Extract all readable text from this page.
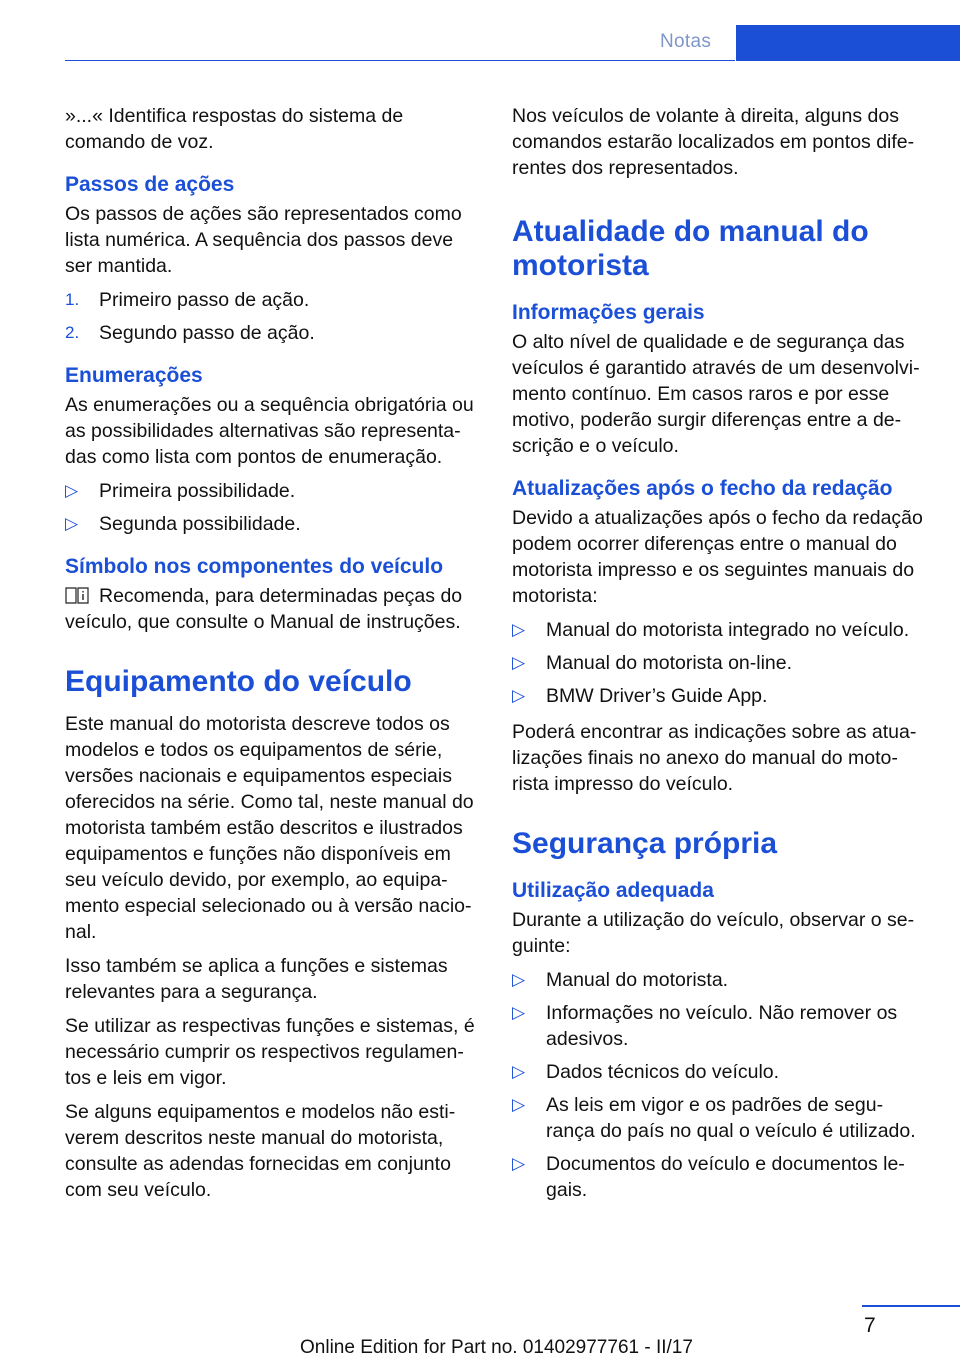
Notas

»...« Identifica respostas do sistema de comando de voz.

Passos de ações

Os passos de ações são representados como lista numérica. A sequência dos passos deve ser mantida.

1.	Primeiro passo de ação.
2.	Segundo passo de ação.
Enumerações

As enumerações ou a sequência obrigatória ou as possibilidades alternativas são representa‐das como lista com pontos de enumeração.

▷	Primeira possibilidade.
▷	Segunda possibilidade.
Símbolo nos componentes do veículo

Recomenda, para determinadas peças do veículo, que consulte o Manual de instruções.

Equipamento do veículo

Este manual do motorista descreve todos os modelos e todos os equipamentos de série, versões nacionais e equipamentos especiais oferecidos na série. Como tal, neste manual do motorista também estão descritos e ilustrados equipamentos e funções não disponíveis em seu veículo devido, por exemplo, ao equipa‐mento especial selecionado ou à versão nacio‐nal.

Isso também se aplica a funções e sistemas relevantes para a segurança.

Se utilizar as respectivas funções e sistemas, é necessário cumprir os respectivos regulamen‐tos e leis em vigor.

Se alguns equipamentos e modelos não esti‐verem descritos neste manual do motorista, consulte as adendas fornecidas em conjunto com seu veículo.

Nos veículos de volante à direita, alguns dos comandos estarão localizados em pontos dife‐rentes dos representados.

Atualidade do manual do motorista
Informações gerais

O alto nível de qualidade e de segurança das veículos é garantido através de um desenvolvi‐mento contínuo. Em casos raros e por esse motivo, poderão surgir diferenças entre a de‐scrição e o veículo.

Atualizações após o fecho da redação

Devido a atualizações após o fecho da redação podem ocorrer diferenças entre o manual do motorista impresso e os seguintes manuais do motorista:

▷	Manual do motorista integrado no veículo.
▷	Manual do motorista on-line.
▷	BMW Driver’s Guide App.

Poderá encontrar as indicações sobre as atua‐lizações finais no anexo do manual do moto‐rista impresso do veículo.

Segurança própria
Utilização adequada

Durante a utilização do veículo, observar o se‐guinte:

▷	Manual do motorista.
▷	Informações no veículo. Não remover os adesivos.
▷	Dados técnicos do veículo.
▷	As leis em vigor e os padrões de segu‐rança do país no qual o veículo é utilizado.
▷	Documentos do veículo e documentos le‐gais.
7
Online Edition for Part no. 01402977761 - II/17
